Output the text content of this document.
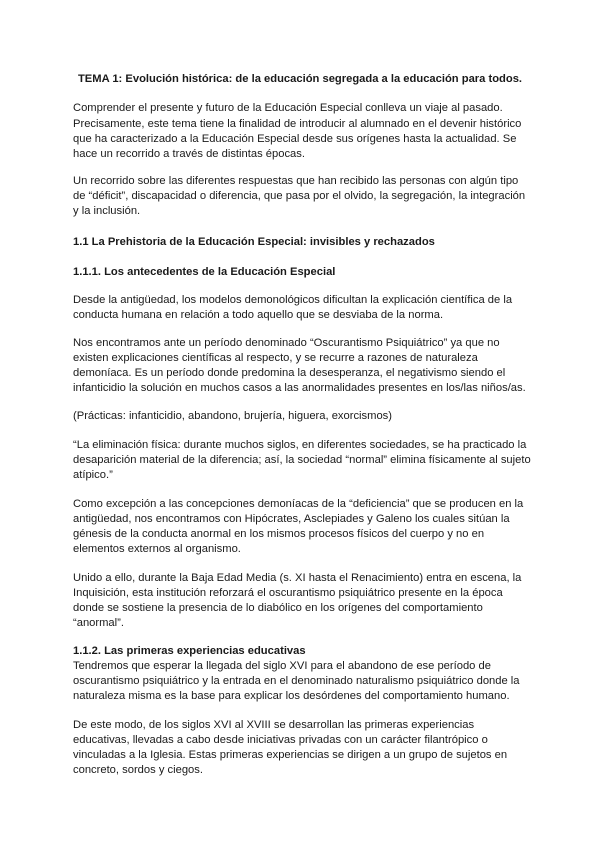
TEMA 1: Evolución histórica: de la educación segregada a la educación para todos.
Comprender el presente y futuro de la Educación Especial conlleva un viaje al pasado.
Precisamente, este tema tiene la finalidad de introducir al alumnado en el devenir histórico
que ha caracterizado a la Educación Especial desde sus orígenes hasta la actualidad. Se
hace un recorrido a través de distintas épocas.
Un recorrido sobre las diferentes respuestas que han recibido las personas con algún tipo
de “déficit”, discapacidad o diferencia, que pasa por el olvido, la segregación, la integración
y la inclusión.
1.1 La Prehistoria de la Educación Especial: invisibles y rechazados
1.1.1. Los antecedentes de la Educación Especial
Desde la antigüedad, los modelos demonológicos dificultan la explicación científica de la
conducta humana en relación a todo aquello que se desviaba de la norma.
Nos encontramos ante un período denominado “Oscurantismo Psiquiátrico” ya que no
existen explicaciones científicas al respecto, y se recurre a razones de naturaleza
demoníaca. Es un período donde predomina la desesperanza, el negativismo siendo el
infanticidio la solución en muchos casos a las anormalidades presentes en los/las niños/as.
(Prácticas: infanticidio, abandono, brujería, higuera, exorcismos)
“La eliminación física: durante muchos siglos, en diferentes sociedades, se ha practicado la
desaparición material de la diferencia; así, la sociedad “normal” elimina físicamente al sujeto
atípico.”
Como excepción a las concepciones demoníacas de la “deficiencia” que se producen en la
antigüedad, nos encontramos con Hipócrates, Asclepiades y Galeno los cuales sitúan la
génesis de la conducta anormal en los mismos procesos físicos del cuerpo y no en
elementos externos al organismo.
Unido a ello, durante la Baja Edad Media (s. XI hasta el Renacimiento) entra en escena, la
Inquisición, esta institución reforzará el oscurantismo psiquiátrico presente en la época
donde se sostiene la presencia de lo diabólico en los orígenes del comportamiento
“anormal”.
1.1.2. Las primeras experiencias educativas
Tendremos que esperar la llegada del siglo XVI para el abandono de ese período de
oscurantismo psiquiátrico y la entrada en el denominado naturalismo psiquiátrico donde la
naturaleza misma es la base para explicar los desórdenes del comportamiento humano.
De este modo, de los siglos XVI al XVIII se desarrollan las primeras experiencias
educativas, llevadas a cabo desde iniciativas privadas con un carácter filantrópico o
vinculadas a la Iglesia. Estas primeras experiencias se dirigen a un grupo de sujetos en
concreto, sordos y ciegos.
